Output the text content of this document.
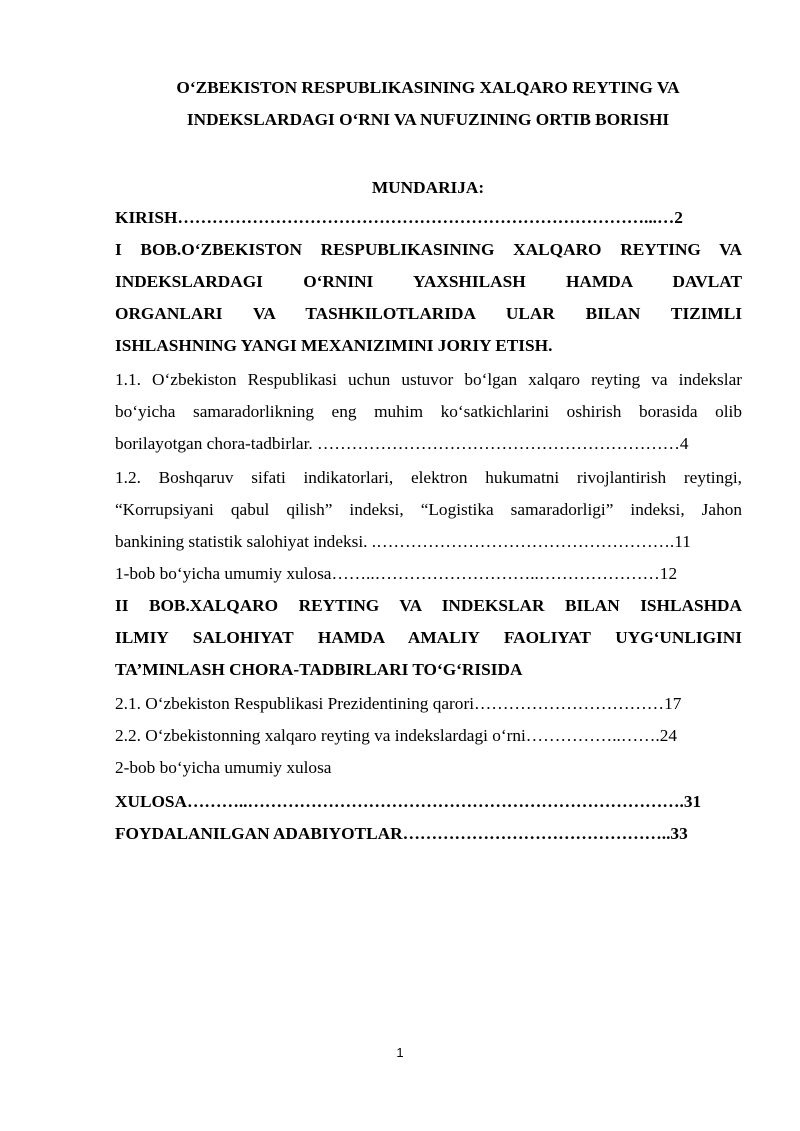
O‘ZBEKISTON RESPUBLIKASINING XALQARO REYTING VA
INDEKSLARDAGI O‘RNI VA NUFUZINING ORTIB BORISHI
MUNDARIJA:
KIRISH………………………………………………………………………...…2
I BOB.O‘ZBEKISTON RESPUBLIKASINING XALQARO REYTING VA
INDEKSLARDAGI O‘RNINI YAXSHILASH HAMDA DAVLAT
ORGANLARI VA TASHKILOTLARIDA ULAR BILAN TIZIMLI
ISHLASHNING YANGI MEXANIZIMINI JORIY ETISH.
1.1. O‘zbekiston Respublikasi uchun ustuvor bo‘lgan xalqaro reyting va indekslar
bo‘yicha samaradorlikning eng muhim ko‘satkichlarini oshirish borasida olib
borilayotgan chora-tadbirlar. ………………………………………………………4
1.2. Boshqaruv sifati indikatorlari, elektron hukumatni rivojlantirish reytingi,
“Korrupsiyani qabul qilish” indeksi, “Logistika samaradorligi” indeksi, Jahon
bankining statistik salohiyat indeksi. .…………………………………………….11
1-bob bo‘yicha umumiy xulosa……..………………………..…………………12
II BOB.XALQARO REYTING VA INDEKSLAR BILAN ISHLASHDA
ILMIY SALOHIYAT HAMDA AMALIY FAOLIYAT UYG‘UNLIGINI
TA’MINLASH CHORA-TADBIRLARI TO‘G‘RISIDA
2.1. O‘zbekiston Respublikasi Prezidentining qarori……………………………17
2.2. O‘zbekistonning xalqaro reyting va indekslardagi o‘rni……………..…….24
2-bob bo‘yicha umumiy xulosa
XULOSA………..………………………………………………………………….31
FOYDALANILGAN ADABIYOTLAR………………………………………..33
1
